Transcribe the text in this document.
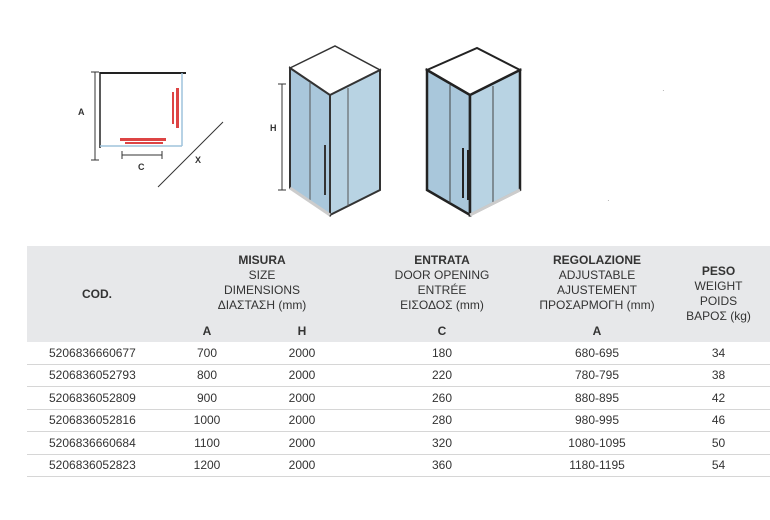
A
C
X
H
·
·
COD.	MISURA
SIZE
DIMENSIONS
ΔΙΑΣΤΑΣΗ (mm)		ENTRATA
DOOR OPENING
ENTRÉE
ΕΙΣΟΔΟΣ (mm)	REGOLAZIONE
ADJUSTABLE
AJUSTEMENT
ΠΡΟΣΑΡΜΟΓΗ (mm)	PESO
WEIGHT
POIDS
ΒΑΡΟΣ (kg)

	A	H	C	A	
5206836660677	700	2000	180	680-695	34
5206836052793	800	2000	220	780-795	38
5206836052809	900	2000	260	880-895	42
5206836052816	1000	2000	280	980-995	46
5206836660684	1100	2000	320	1080-1095	50
5206836052823	1200	2000	360	1180-1195	54
